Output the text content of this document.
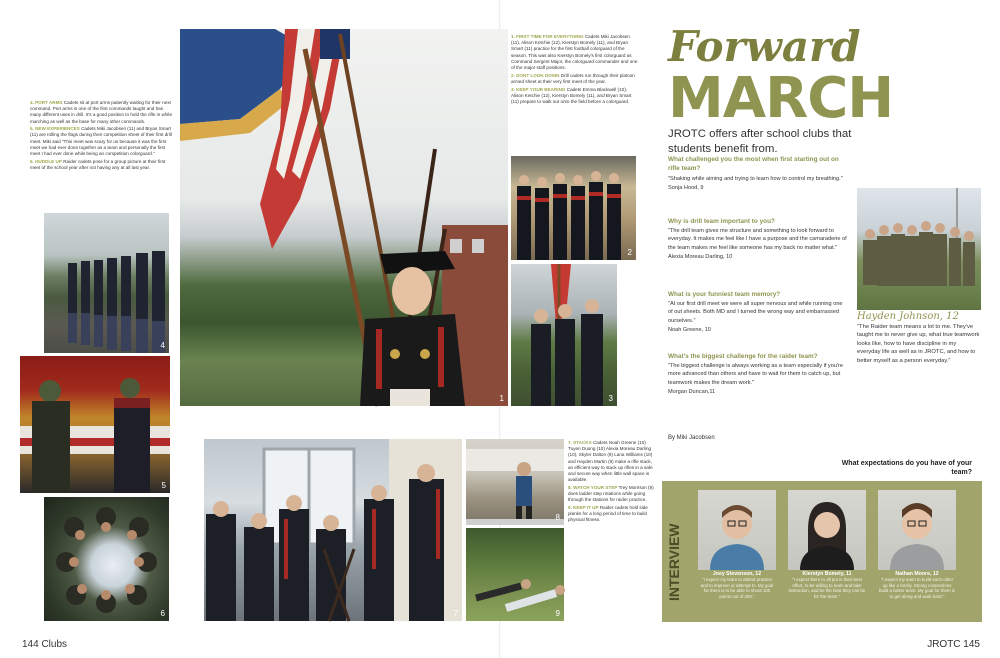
4. PORT ARMS Cadets sit at port arms patiently waiting for their next command. Port arms is one of the first commands taught and has many different uses in drill. It's a good position to hold the rifle in while marching as well as the base for many other commands.

5. NEW EXPERIENCES Cadets Miki Jacobsen (11) and Bryan Smart (11) are rolling the flags during their competition sheet of their first drill meet. Miki said "This meet was scary for us because it was the first meet we had ever done together as a team and personally the first meet I had ever done while being an competition colorguard."

6. HUDDLE UP Raider cadets pose for a group picture at their first meet of the school year after not having any at all last year.

4
5
6
1
7
144 Clubs

1. FIRST TIME FOR EVERYTHING Cadets Miki Jacobsen (11), Alison Ketchie (12), Kierstyn Bomely (11), and Bryan Smart (11) practice for the first football colorguard of the season. This was also Kierstyn Bomely's first colorguard as Command Sergent Major, the colorguard commander and one of the major staff positions.

2. DONT LOOK DOWN Drill cadets run through their platoon armed sheet at their very first meet of the year.

3. KEEP YOUR BEARING Cadets Emma Blackwell (10), Alison Ketchie (12), Kierstyn Bomely (11), and Bryan Smart (11) prepare to walk out onto the field before a colorguard.

2
3

7. STACKS Cadets Noah Greene (10) Tuyen Duong (10) Alexia Moreau Darling (10), Skyler Dalton (9) Lana Williams (10) and Hayden Martin (9) make a rifle stack, an efficient way to stack up rifles in a safe and secure way when little wall space is available.

8. WATCH YOUR STEP Trey Morrison (9) does ladder step rotations while going through the stations for raider practice.

9. KEEP IT UP Raider cadets hold side planks for a long period of time to build physical fitness.

8
9
Forward
MARCH
JROTC offers after school clubs that students benefit from.
What challenged you the most when first starting out on rifle team?
"Shaking while aiming and trying to learn how to control my breathing."
Sonja Hood, 9
Why is drill team important to you?
"The drill team gives me structure and something to look forward to everyday. It makes me feel like I have a purpose and the camaraderie of the team makes me feel like someone has my back no matter what."
Alexia Moreau Darling, 10
What is your funniest team memory?
"At our first drill meet we were all super nervous and while running one of out sheets. Both MD and I turned the wrong way and embarrassed ourselves."
Noah Greene, 10
What's the biggest challenge for the raider team?
"The biggest challenge is always working as a team especially if you're more advanced than others and have to wait for them to catch up, but teamwork makes the dream work."
Morgan Duncan,11
By Miki Jacobsen
Hayden Johnson, 12
"The Raider team means a lot to me. They've taught me to never give up, what true teamwork looks like, how to have discipline in my everyday life as well as in JROTC, and how to better myself as a person everyday."
What expectations do you have of your team?
INTERVIEW	Joey Stevenson, 12
"I expect my team to attend practice and to improve or attempt to. My goal for them is to be able to shoot 100 points out of 200."
Kierstyn Bomely, 11
"I expect them to all put in their best effort, to be willing to learn and take instruction, and be the best they can be for the team."
Nathan Moore, 12
"I expect my team to build each other up like a family. Strong connections build a better team. My goal for them is to get along and work hard."
JROTC 145
